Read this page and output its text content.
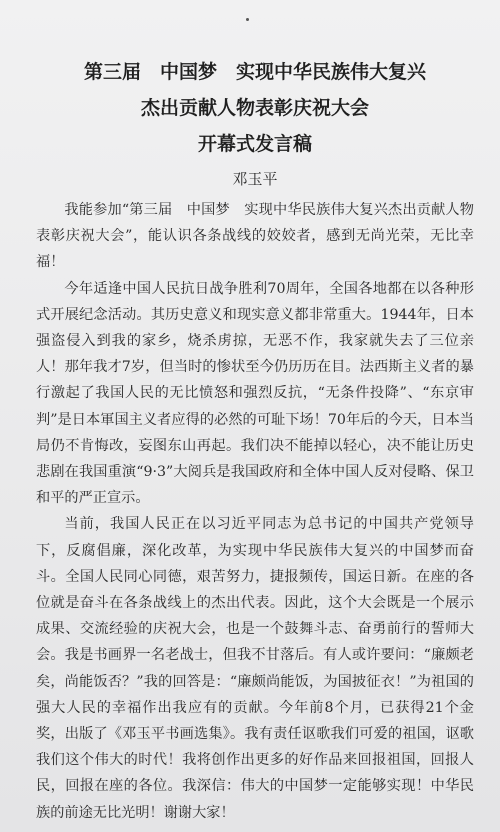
第三届　中国梦　实现中华民族伟大复兴

杰出贡献人物表彰庆祝大会

开幕式发言稿

邓玉平

我能参加“第三届　中国梦　实现中华民族伟大复兴杰出贡献人物表彰庆祝大会”，能认识各条战线的姣姣者，感到无尚光荣，无比幸福！

今年适逢中国人民抗日战争胜利70周年，全国各地都在以各种形式开展纪念活动。其历史意义和现实意义都非常重大。1944年，日本强盗侵入到我的家乡，烧杀虏掠，无恶不作，我家就失去了三位亲人！那年我才7岁，但当时的惨状至今仍历历在目。法西斯主义者的暴行激起了我国人民的无比愤怒和强烈反抗，“无条件投降”、“东京审判”是日本軍国主义者应得的必然的可耻下场！70年后的今天，日本当局仍不肯悔改，妄图东山再起。我们决不能掉以轻心，决不能让历史悲剧在我国重演“9·3”大阅兵是我国政府和全体中国人反对侵略、保卫和平的严正宣示。

当前，我国人民正在以习近平同志为总书记的中国共产党领导下，反腐倡廉，深化改革，为实现中华民族伟大复兴的中国梦而奋斗。全国人民同心同德，艰苦努力，捷报频传，国运日新。在座的各位就是奋斗在各条战线上的杰出代表。因此，这个大会既是一个展示成果、交流经验的庆祝大会，也是一个鼓舞斗志、奋勇前行的誓师大会。我是书画界一名老战士，但我不甘落后。有人或许要问：“廉颇老矣，尚能饭否？”我的回答是：“廉颇尚能饭，为国披征衣！”为祖国的强大人民的幸福作出我应有的贡献。今年前8个月，已获得21个金奖，出版了《邓玉平书画选集》。我有责任讴歌我们可爱的祖国，讴歌我们这个伟大的时代！我将创作出更多的好作品来回报祖国，回报人民，回报在座的各位。我深信：伟大的中国梦一定能够实现！中华民族的前途无比光明！谢谢大家！
